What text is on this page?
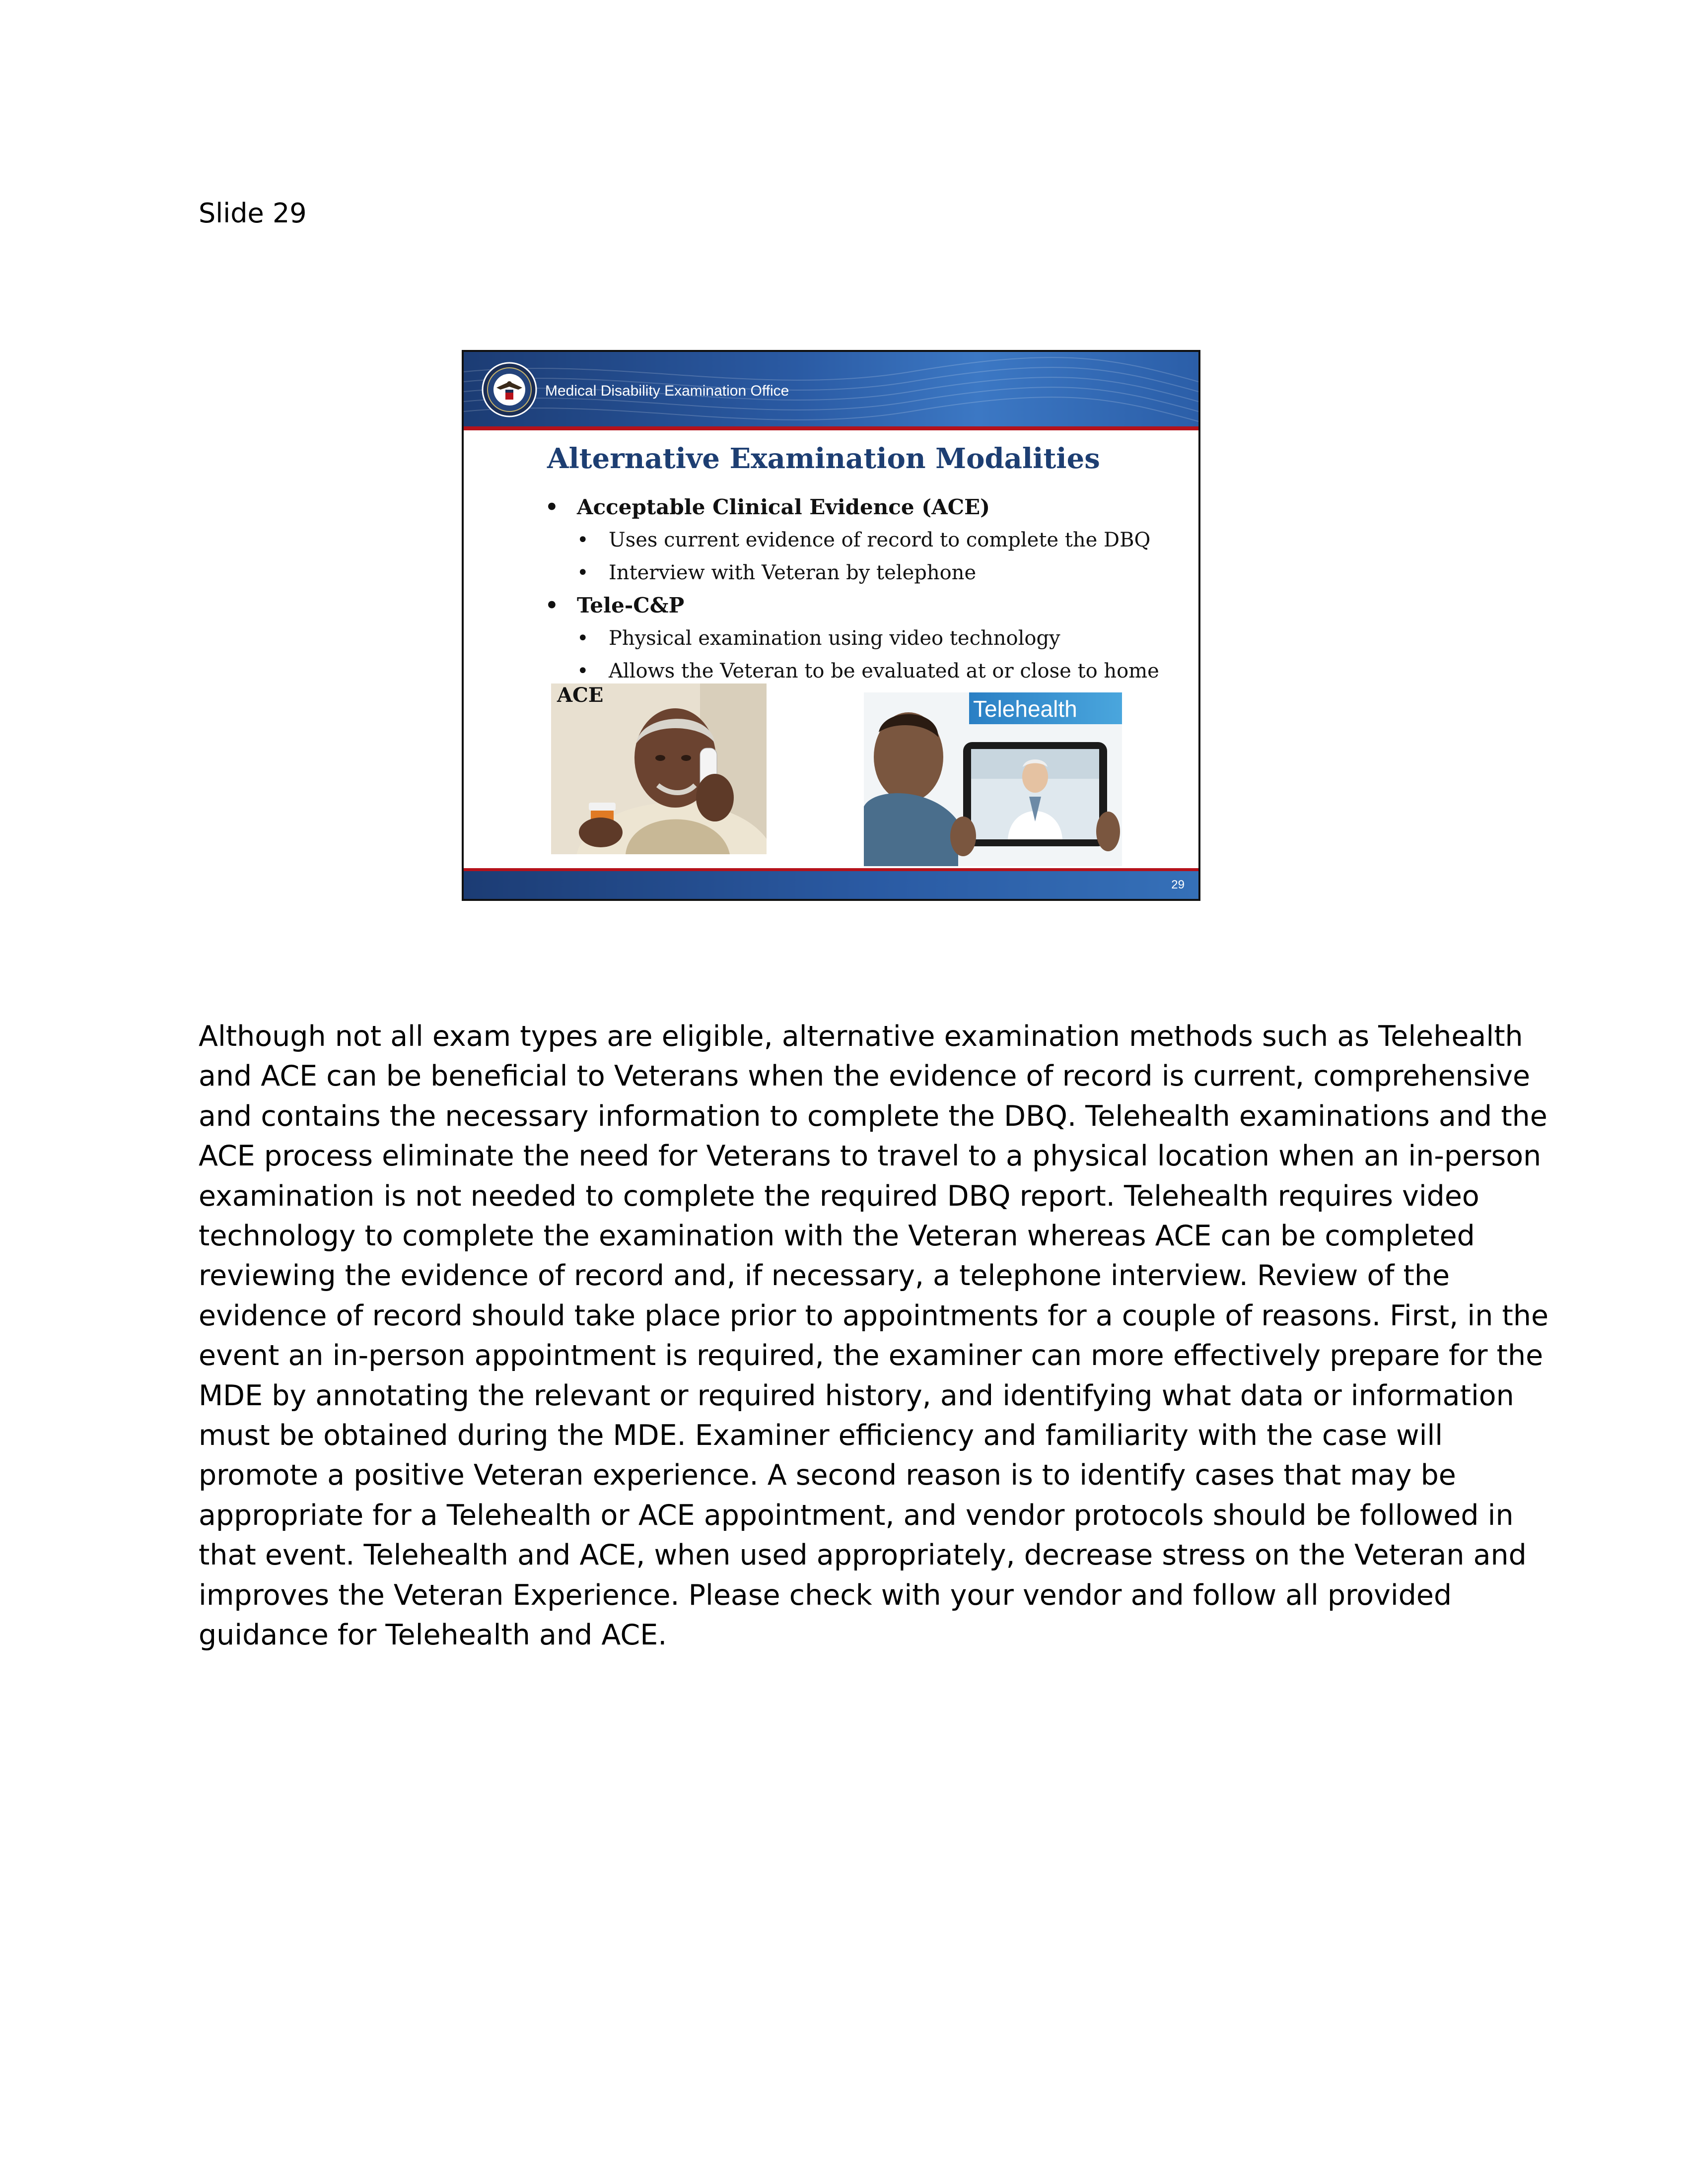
Slide 29
Medical Disability Examination Office
Alternative Examination Modalities
• Acceptable Clinical Evidence (ACE)
• Uses current evidence of record to complete the DBQ
• Interview with Veteran by telephone
• Tele-C&P
• Physical examination using video technology
• Allows the Veteran to be evaluated at or close to home
ACE
Telehealth
29
Although not all exam types are eligible, alternative examination methods such as Telehealth
and ACE can be beneficial to Veterans when the evidence of record is current, comprehensive
and contains the necessary information to complete the DBQ. Telehealth examinations and the
ACE process eliminate the need for Veterans to travel to a physical location when an in-person
examination is not needed to complete the required DBQ report. Telehealth requires video
technology to complete the examination with the Veteran whereas ACE can be completed
reviewing the evidence of record and, if necessary, a telephone interview. Review of the
evidence of record should take place prior to appointments for a couple of reasons. First, in the
event an in-person appointment is required, the examiner can more effectively prepare for the
MDE by annotating the relevant or required history, and identifying what data or information
must be obtained during the MDE. Examiner efficiency and familiarity with the case will
promote a positive Veteran experience. A second reason is to identify cases that may be
appropriate for a Telehealth or ACE appointment, and vendor protocols should be followed in
that event. Telehealth and ACE, when used appropriately, decrease stress on the Veteran and
improves the Veteran Experience. Please check with your vendor and follow all provided
guidance for Telehealth and ACE.
